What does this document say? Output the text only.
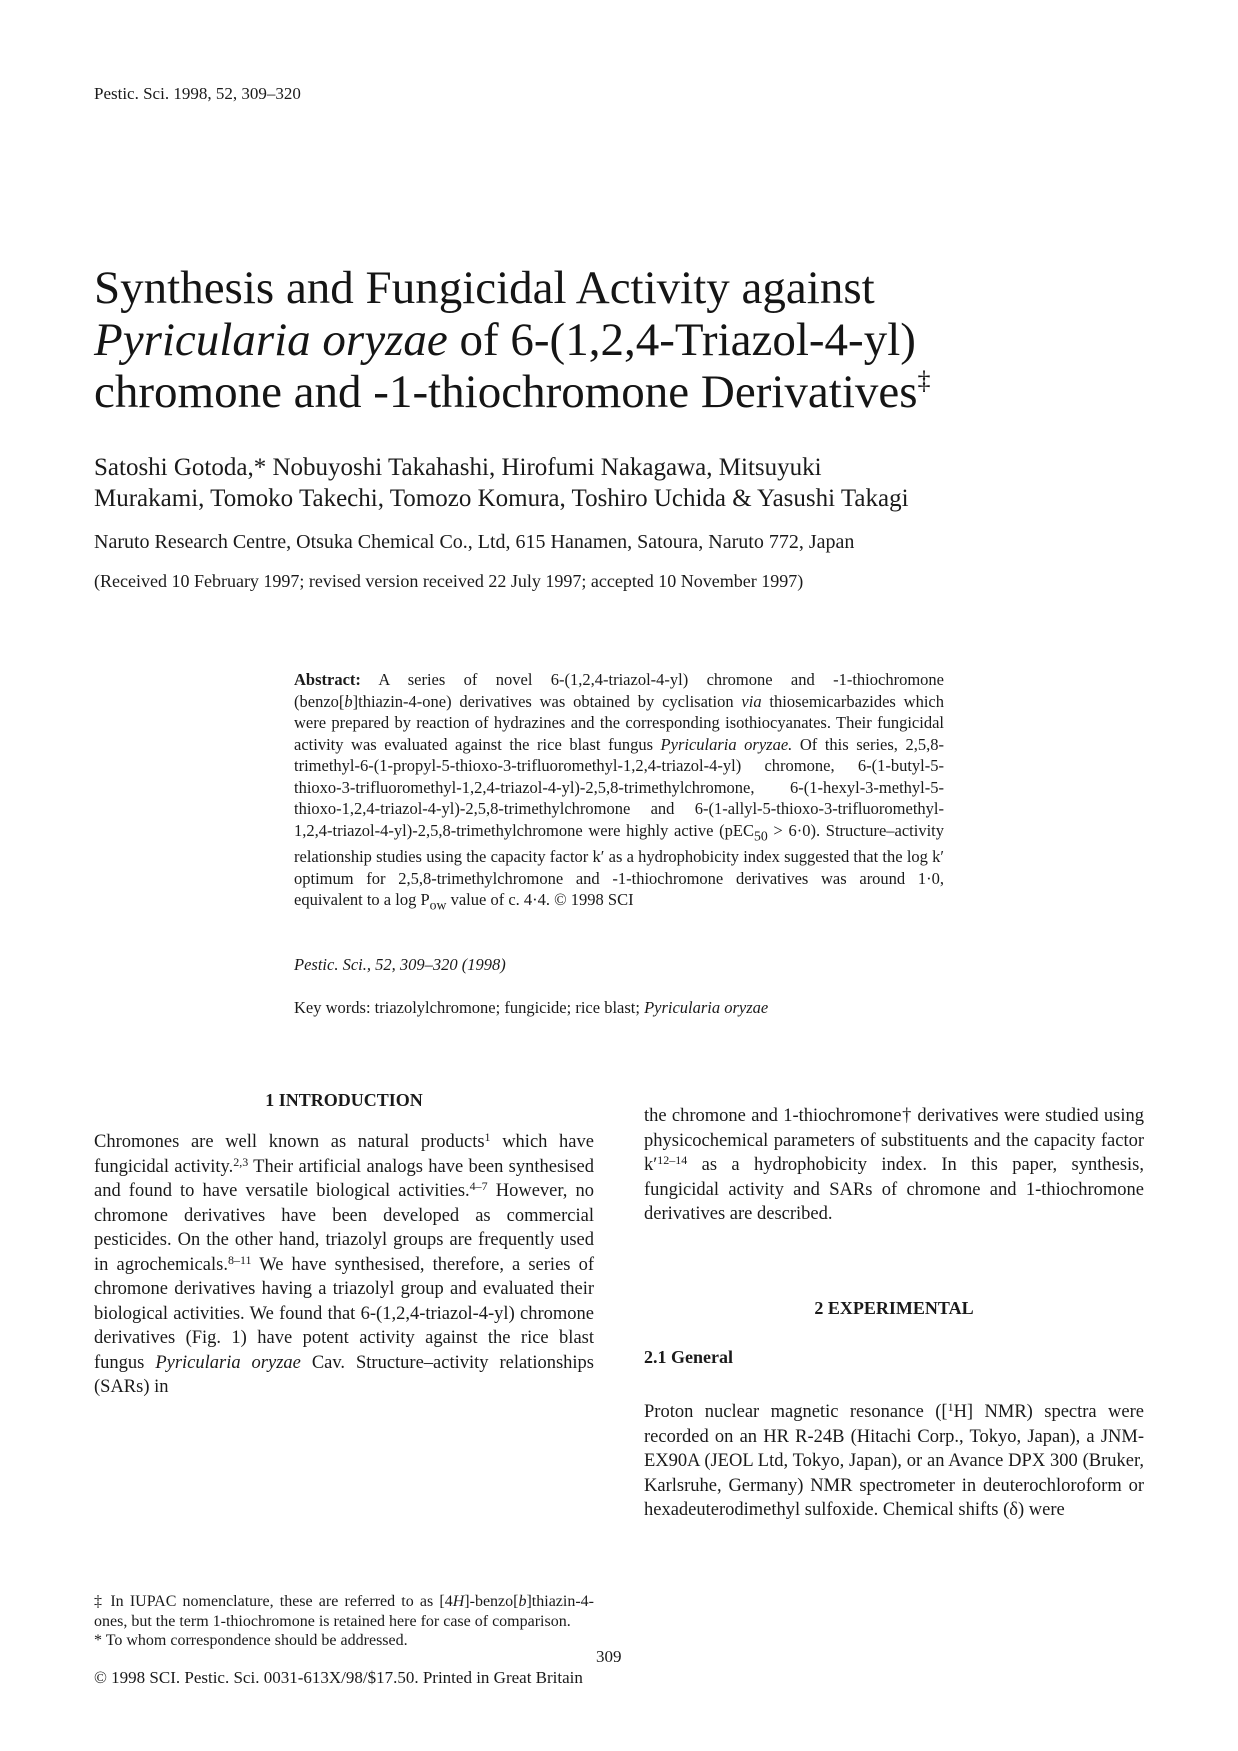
Pestic. Sci. 1998, 52, 309–320
Synthesis and Fungicidal Activity against
Pyricularia oryzae of 6-(1,2,4-Triazol-4-yl)
chromone and -1-thiochromone Derivatives‡
Satoshi Gotoda,* Nobuyoshi Takahashi, Hirofumi Nakagawa, Mitsuyuki
Murakami, Tomoko Takechi, Tomozo Komura, Toshiro Uchida & Yasushi Takagi
Naruto Research Centre, Otsuka Chemical Co., Ltd, 615 Hanamen, Satoura, Naruto 772, Japan
(Received 10 February 1997; revised version received 22 July 1997; accepted 10 November 1997)
Abstract: A series of novel 6-(1,2,4-triazol-4-yl) chromone and -1-thiochromone (benzo[b]thiazin-4-one) derivatives was obtained by cyclisation via thiosemicarbazides which were prepared by reaction of hydrazines and the corresponding isothiocyanates. Their fungicidal activity was evaluated against the rice blast fungus Pyricularia oryzae. Of this series, 2,5,8-trimethyl-6-(1-propyl-5-thioxo-3-trifluoromethyl-1,2,4-triazol-4-yl) chromone, 6-(1-butyl-5-thioxo-3-trifluoromethyl-1,2,4-triazol-4-yl)-2,5,8-trimethylchromone, 6-(1-hexyl-3-methyl-5-thioxo-1,2,4-triazol-4-yl)-2,5,8-trimethylchromone and 6-(1-allyl-5-thioxo-3-trifluoromethyl-1,2,4-triazol-4-yl)-2,5,8-trimethylchromone were highly active (pEC$_{50}$ > 6·0). Structure–activity relationship studies using the capacity factor k′ as a hydrophobicity index suggested that the log k′ optimum for 2,5,8-trimethylchromone and -1-thiochromone derivatives was around 1·0, equivalent to a $\log P_{ow}$ value of c. 4·4. © 1998 SCI
Pestic. Sci., 52, 309–320 (1998)
Key words: triazolylchromone; fungicide; rice blast; Pyricularia oryzae
1 INTRODUCTION
Chromones are well known as natural products$^1$ which have fungicidal activity.$^{2,3}$ Their artificial analogs have been synthesised and found to have versatile biological activities.$^{4-7}$ However, no chromone derivatives have been developed as commercial pesticides. On the other hand, triazolyl groups are frequently used in agrochemicals.$^{8-11}$ We have synthesised, therefore, a series of chromone derivatives having a triazolyl group and evaluated their biological activities. We found that 6-(1,2,4-triazol-4-yl) chromone derivatives (Fig. 1) have potent activity against the rice blast fungus Pyricularia oryzae Cav. Structure–activity relationships (SARs) in
the chromone and 1-thiochromone† derivatives were studied using physicochemical parameters of substituents and the capacity factor k′$^{12-14}$ as a hydrophobicity index. In this paper, synthesis, fungicidal activity and SARs of chromone and 1-thiochromone derivatives are described.
2 EXPERIMENTAL
2.1 General
Proton nuclear magnetic resonance ([$^1$H] NMR) spectra were recorded on an HR R-24B (Hitachi Corp., Tokyo, Japan), a JNM-EX90A (JEOL Ltd, Tokyo, Japan), or an Avance DPX 300 (Bruker, Karlsruhe, Germany) NMR spectrometer in deuterochloroform or hexadeuterodimethyl sulfoxide. Chemical shifts (δ) were
‡ In IUPAC nomenclature, these are referred to as [4H]-benzo[b]thiazin-4-ones, but the term 1-thiochromone is retained here for case of comparison.
* To whom correspondence should be addressed.
309
© 1998 SCI. Pestic. Sci. 0031-613X/98/$17.50. Printed in Great Britain
